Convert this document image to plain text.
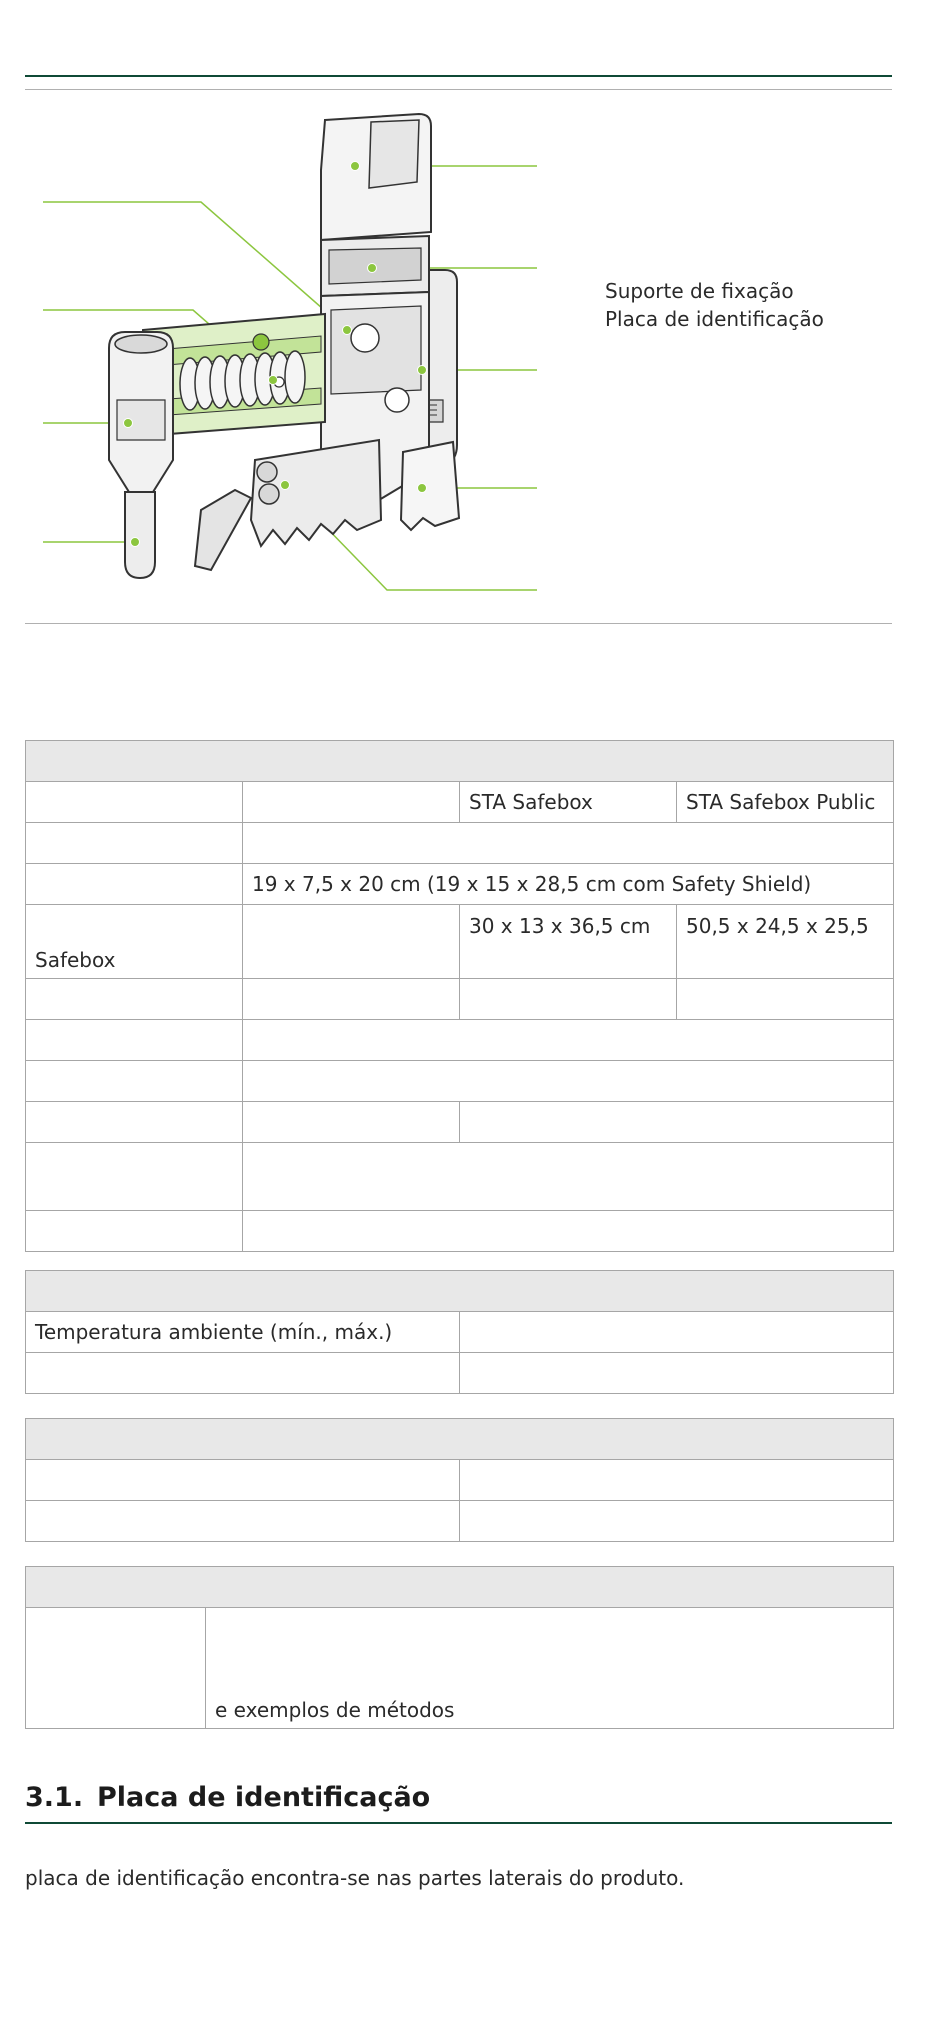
Suporte de fixação
Placa de identificação

		STA Safebox	STA Safebox Public

	19 x 7,5 x 20 cm (19 x 15 x 28,5 cm com Safety Shield)		
Safebox		30 x 13 x 36,5 cm	50,5 x 24,5 x 25,5

Temperatura ambiente (mín., máx.)	

	e exemplos de métodos
3.1. Placa de identificação
placa de identificação encontra-se nas partes laterais do produto.
